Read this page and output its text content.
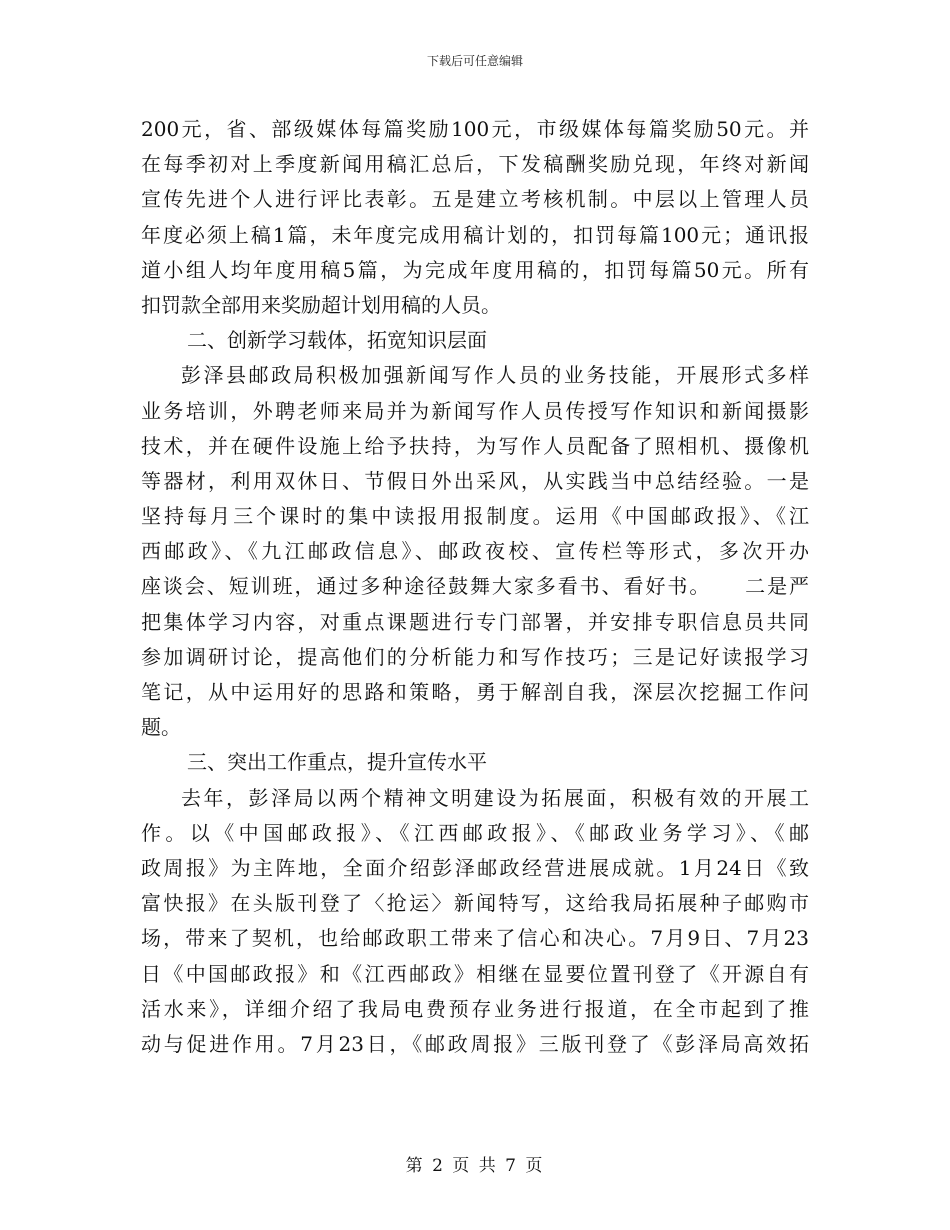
下载后可任意编辑
200元，省、部级媒体每篇奖励100元，市级媒体每篇奖励50元。并
在每季初对上季度新闻用稿汇总后，下发稿酬奖励兑现，年终对新闻
宣传先进个人进行评比表彰。五是建立考核机制。中层以上管理人员
年度必须上稿1篇，未年度完成用稿计划的，扣罚每篇100元；通讯报
道小组人均年度用稿5篇，为完成年度用稿的，扣罚每篇50元。所有
扣罚款全部用来奖励超计划用稿的人员。
二、创新学习载体，拓宽知识层面
彭泽县邮政局积极加强新闻写作人员的业务技能，开展形式多样
业务培训，外聘老师来局并为新闻写作人员传授写作知识和新闻摄影
技术，并在硬件设施上给予扶持，为写作人员配备了照相机、摄像机
等器材，利用双休日、节假日外出采风，从实践当中总结经验。一是
坚持每月三个课时的集中读报用报制度。运用《中国邮政报》、《江
西邮政》、《九江邮政信息》、邮政夜校、宣传栏等形式，多次开办
座谈会、短训班，通过多种途径鼓舞大家多看书、看好书。　　二是严
把集体学习内容，对重点课题进行专门部署，并安排专职信息员共同
参加调研讨论，提高他们的分析能力和写作技巧；三是记好读报学习
笔记，从中运用好的思路和策略，勇于解剖自我，深层次挖掘工作问
题。
三、突出工作重点，提升宣传水平
去年，彭泽局以两个精神文明建设为拓展面，积极有效的开展工
作。以《中国邮政报》、《江西邮政报》、《邮政业务学习》、《邮
政周报》为主阵地，全面介绍彭泽邮政经营进展成就。1月24日《致
富快报》在头版刊登了〈抢运〉新闻特写，这给我局拓展种子邮购市
场，带来了契机，也给邮政职工带来了信心和决心。7月9日、7月23
日《中国邮政报》和《江西邮政》相继在显要位置刊登了《开源自有
活水来》，详细介绍了我局电费预存业务进行报道，在全市起到了推
动与促进作用。7月23日，《邮政周报》三版刊登了《彭泽局高效拓
第 2 页 共 7 页
